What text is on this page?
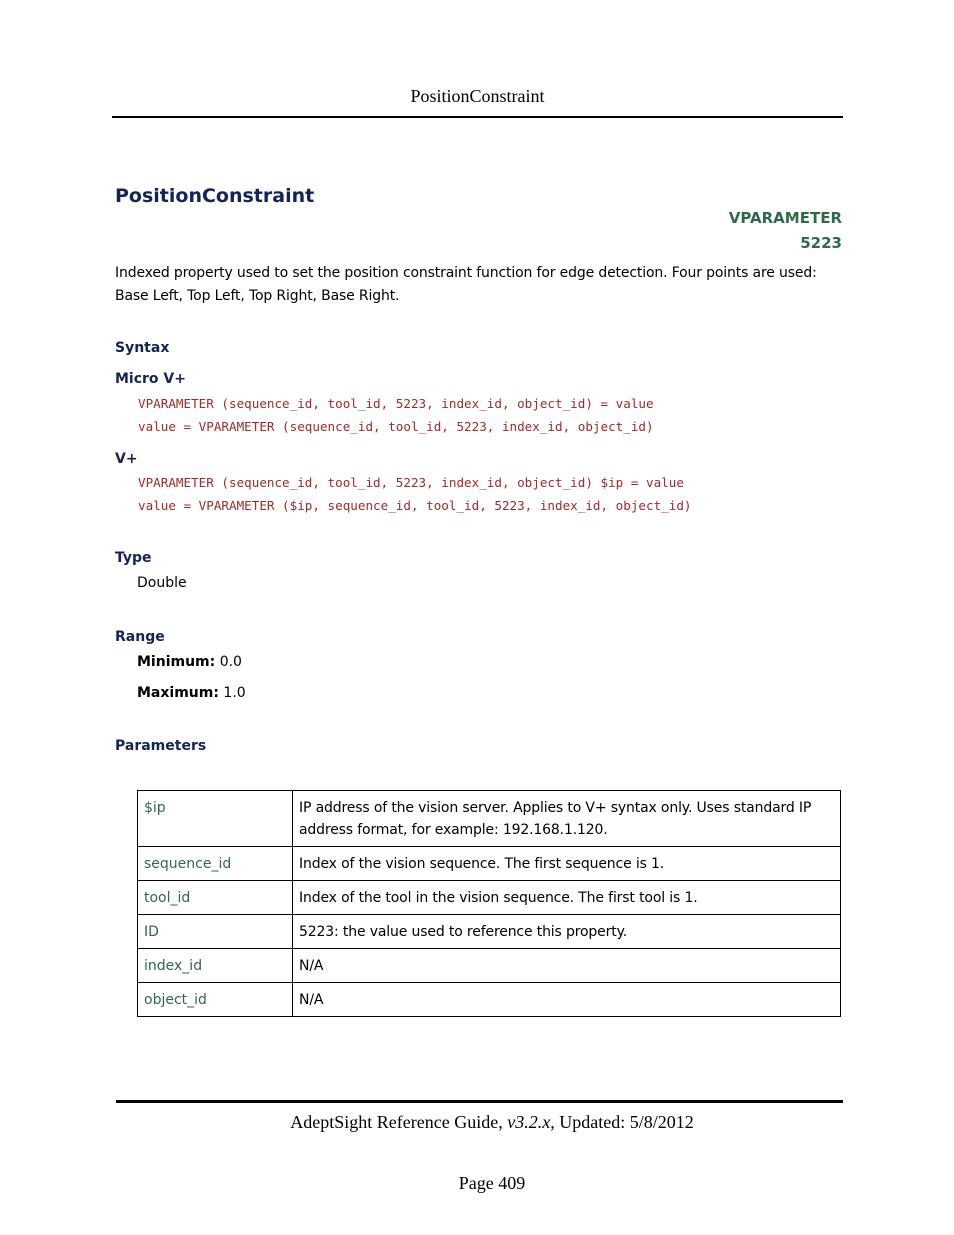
PositionConstraint
PositionConstraint
VPARAMETER
5223
Indexed property used to set the position constraint function for edge detection. Four points are used: Base Left, Top Left, Top Right, Base Right.
Syntax
Micro V+
VPARAMETER (sequence_id, tool_id, 5223, index_id, object_id) = value
value = VPARAMETER (sequence_id, tool_id, 5223, index_id, object_id)
V+
VPARAMETER (sequence_id, tool_id, 5223, index_id, object_id) $ip = value
value = VPARAMETER ($ip, sequence_id, tool_id, 5223, index_id, object_id)
Type
Double
Range
Minimum: 0.0
Maximum: 1.0
Parameters
$ip	IP address of the vision server. Applies to V+ syntax only. Uses standard IP address format, for example: 192.168.1.120.
sequence_id	Index of the vision sequence. The first sequence is 1.
tool_id	Index of the tool in the vision sequence. The first tool is 1.
ID	5223: the value used to reference this property.
index_id	N/A
object_id	N/A
AdeptSight Reference Guide, v3.2.x, Updated: 5/8/2012
Page 409
